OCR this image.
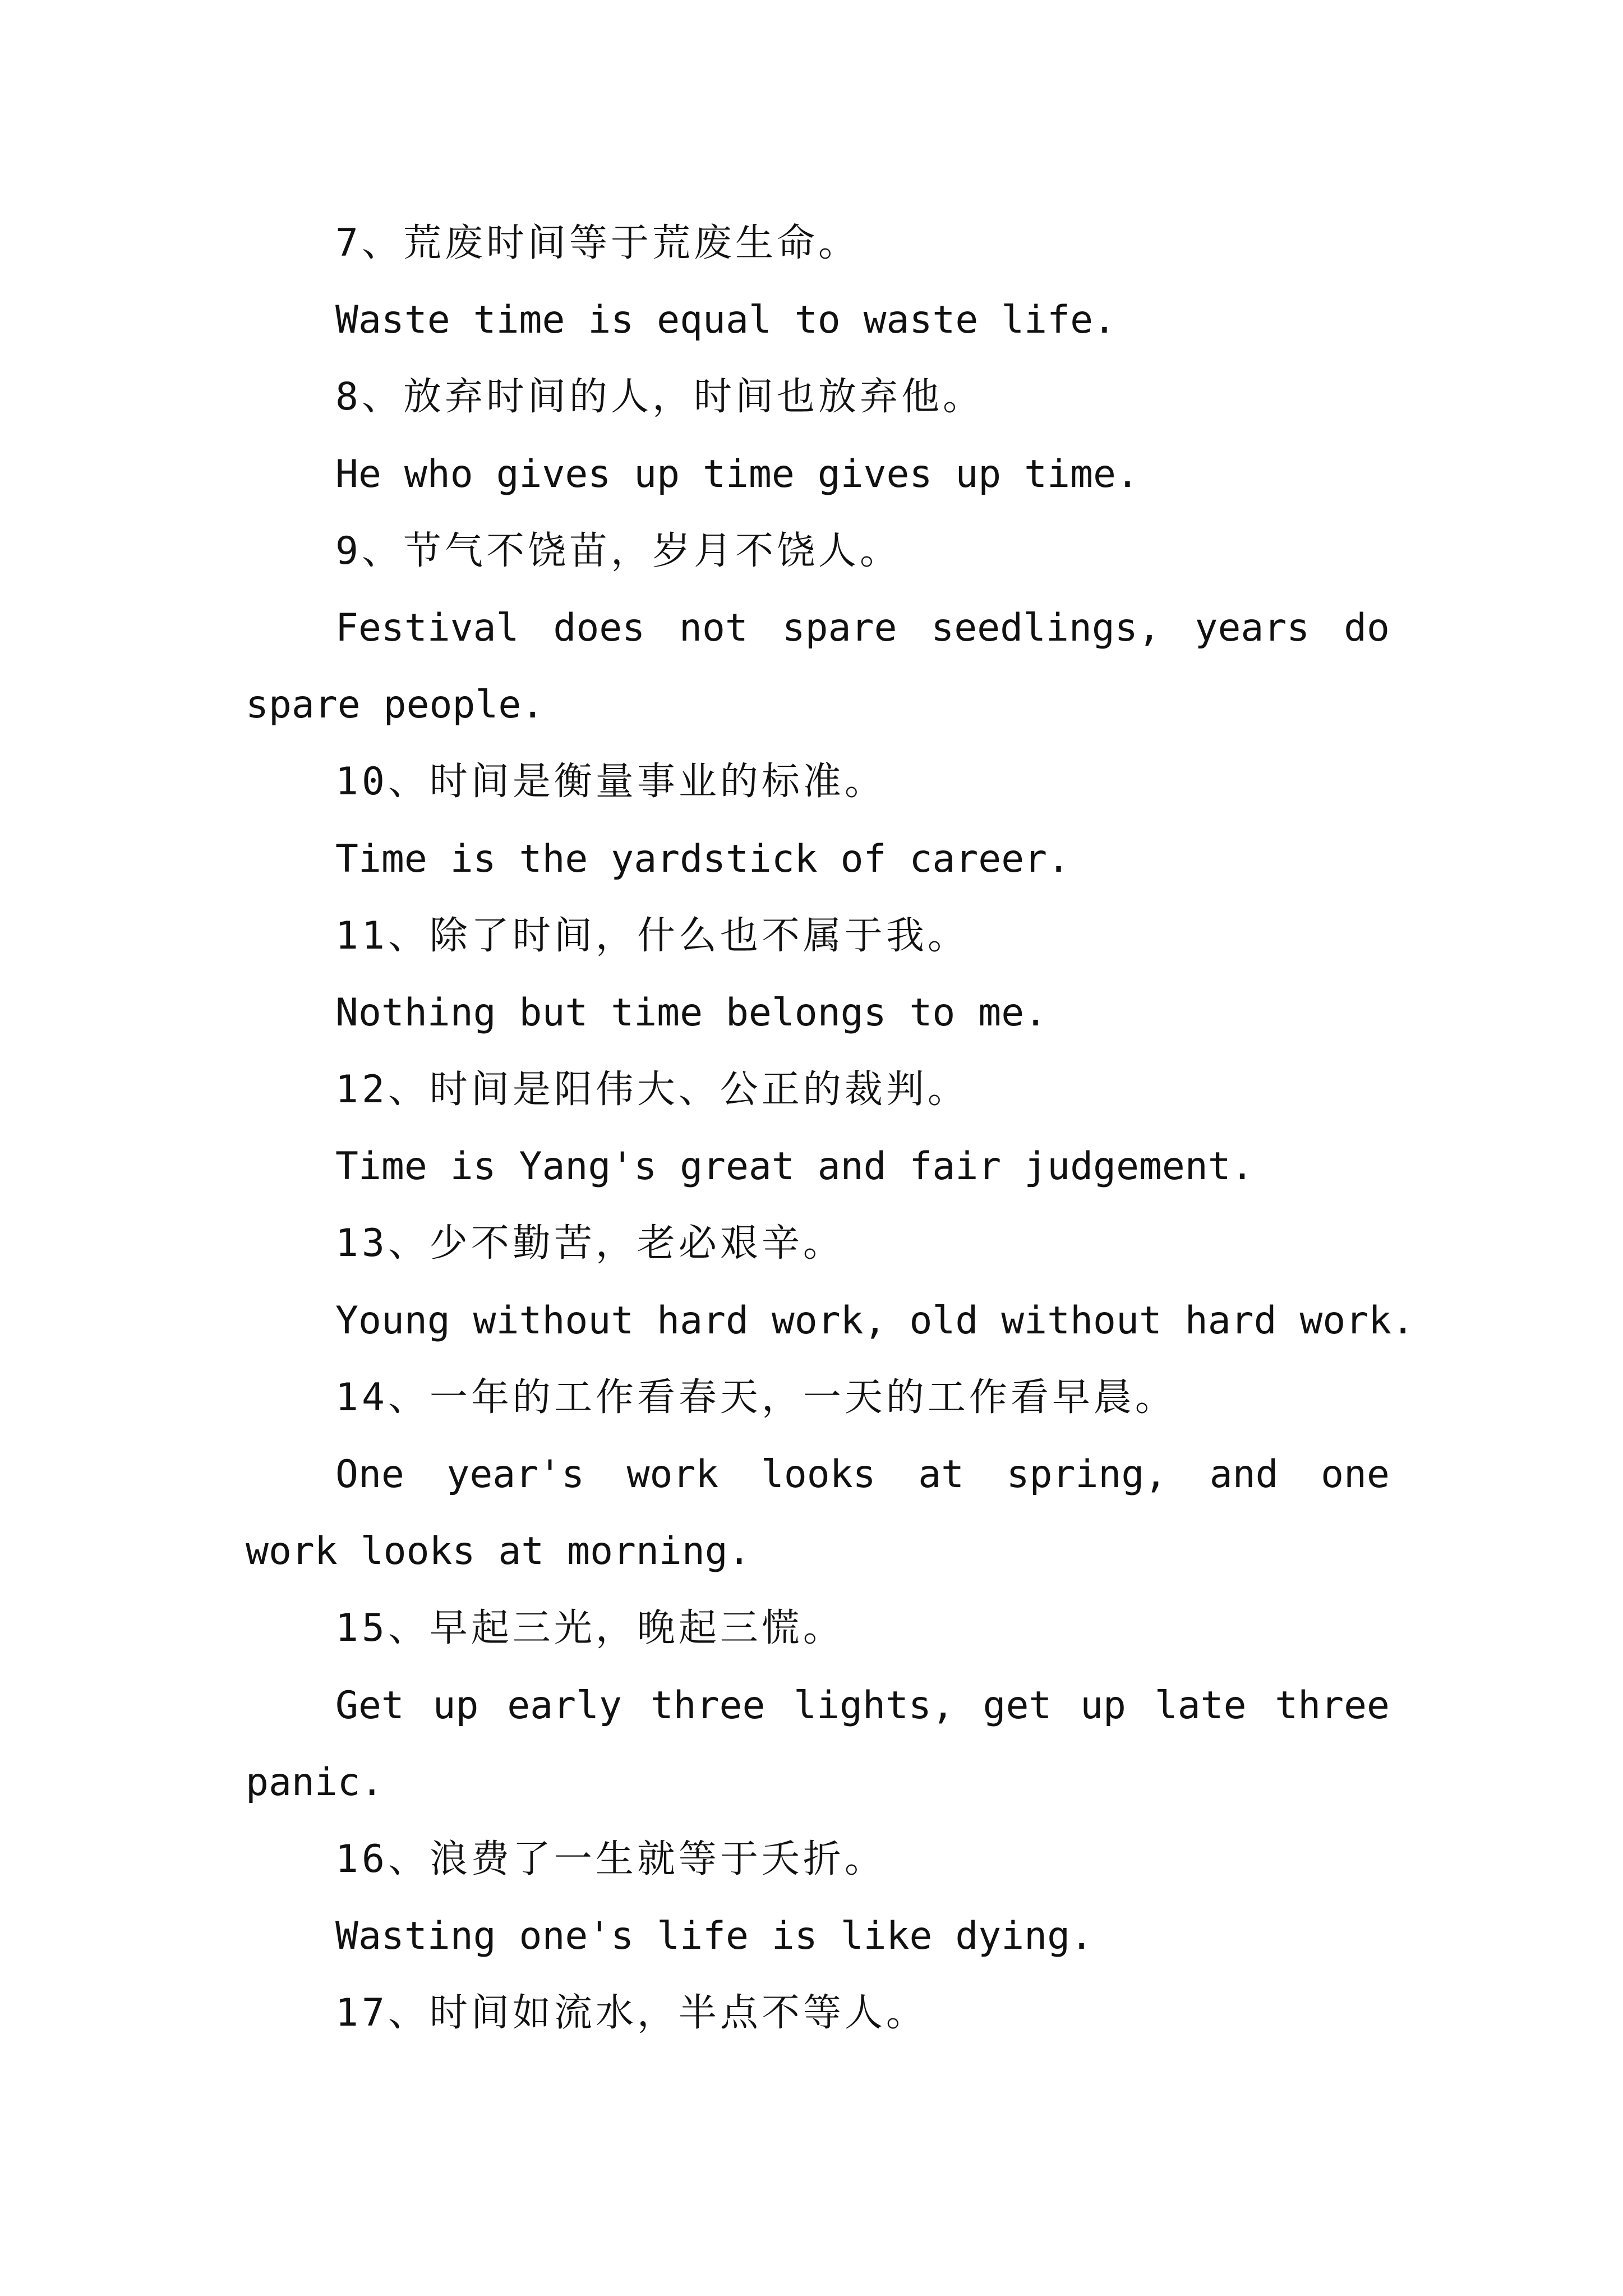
7、荒废时间等于荒废生命。
Waste time is equal to waste life.
8、放弃时间的人，时间也放弃他。
He who gives up time gives up time.
9、节气不饶苗，岁月不饶人。
Festival does not spare seedlings, years do
spare people.
10、时间是衡量事业的标准。
Time is the yardstick of career.
11、除了时间，什么也不属于我。
Nothing but time belongs to me.
12、时间是阳伟大、公正的裁判。
Time is Yang's great and fair judgement.
13、少不勤苦，老必艰辛。
Young without hard work, old without hard work.
14、一年的工作看春天，一天的工作看早晨。
One year's work looks at spring, and one
work looks at morning.
15、早起三光，晚起三慌。
Get up early three lights, get up late three
panic.
16、浪费了一生就等于夭折。
Wasting one's life is like dying.
17、时间如流水，半点不等人。
